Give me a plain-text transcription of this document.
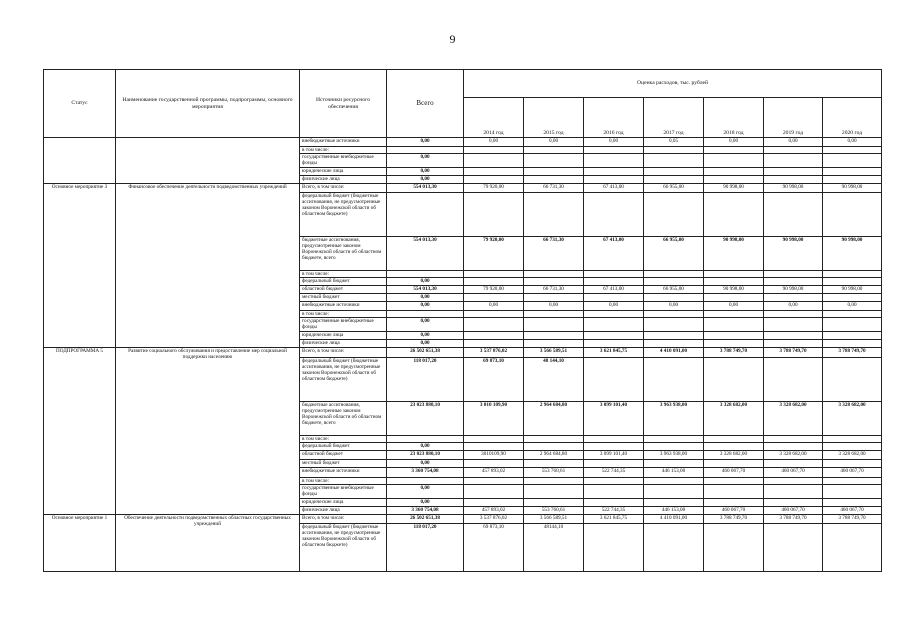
9
Статус	Наименование государственной программы, подпрограммы, основного мероприятия	Источники ресурсного обеспечения	Всего	Оценка расходов, тыс. рублей						
				2014 год	2015 год	2016 год	2017 год	2018 год	2019 год	2020 год
		внебюджетные источники	0,00	0,00	0,00	0,00	0,05	0,00	0,00	0,00
		в том числе:								
		государственные внебюджетные фонды	0,00							
		юридические лица	0,00							
		физические лица	0,00							
Основное мероприятие 3	Финансовое обеспечение деятельности подведомственных учреждений	Всего, в том числе:	554 013,30	79 920,00	66 731,30	67 413,00	66 955,00	90 998,00	90 998,00	90 998,00
		федеральный бюджет (бюджетные ассигнования, не предусмотренные законом Воронежской области об областном бюджете)								
		бюджетные ассигнования, предусмотренные законом Воронежской области об областном бюджете, всего	554 013,30	79 920,00	66 731,30	67 413,00	66 955,00	90 998,00	90 998,00	90 998,00
		в том числе:								
		федеральный бюджет	0,00							
		областной бюджет	554 013,30	79 920,00	66 731,30	67 413,00	66 955,00	90 998,00	90 998,00	90 998,00
		местный бюджет	0,00							
		внебюджетные источники	0,00	0,00	0,00	0,00	0,00	0,00	0,00	0,00
		в том числе:								
		государственные внебюджетные фонды	0,00							
		юридические лица	0,00							
		физические лица	0,00							
ПОДПРОГРАММА 5	Развитие социального обслуживания и предоставление мер социальной поддержки населению	Всего, в том числе:	26 502 651,38	3 537 876,02	3 566 589,51	3 621 845,75	4 410 091,00	3 788 749,70	3 788 749,70	3 788 749,70
		федеральный бюджет (бюджетные ассигнования, не предусмотренные законом Воронежской области об областном бюджете)	118 017,20	69 873,10	48 144,10					
		бюджетные ассигнования, предусмотренные законом Воронежской области об областном бюджете, всего	23 023 880,10	3 010 109,90	2 964 684,80	3 099 101,40	3 963 938,00	3 328 682,00	3 328 682,00	3 328 682,00
		в том числе:								
		федеральный бюджет	0,00							
		областной бюджет	23 023 880,10	3010109,90	2 964 684,80	3 099 101,40	3 963 938,00	3 328 682,00	3 328 682,00	3 328 682,00
		местный бюджет	0,00							
		внебюджетные источники	3 360 754,08	457 893,02	553 760,61	522 744,35	446 153,00	460 067,70	460 067,70	460 067,70
		в том числе:								
		государственные внебюджетные фонды	0,00							
		юридические лица	0,00							
		физические лица	3 360 754,08	457 893,02	553 760,61	522 744,35	446 153,00	460 067,70	460 067,70	460 067,70
Основное мероприятие 1	Обеспечение деятельности подведомственных областных государственных учреждений	Всего, в том числе:	26 502 651,38	3 537 876,02	3 566 589,51	3 621 845,75	4 410 091,00	3 788 749,70	3 788 749,70	3 788 749,70
		федеральный бюджет (бюджетные ассигнования, не предусмотренные законом Воронежской области об областном бюджете)	118 017,20	69 873,10	48144,10					
